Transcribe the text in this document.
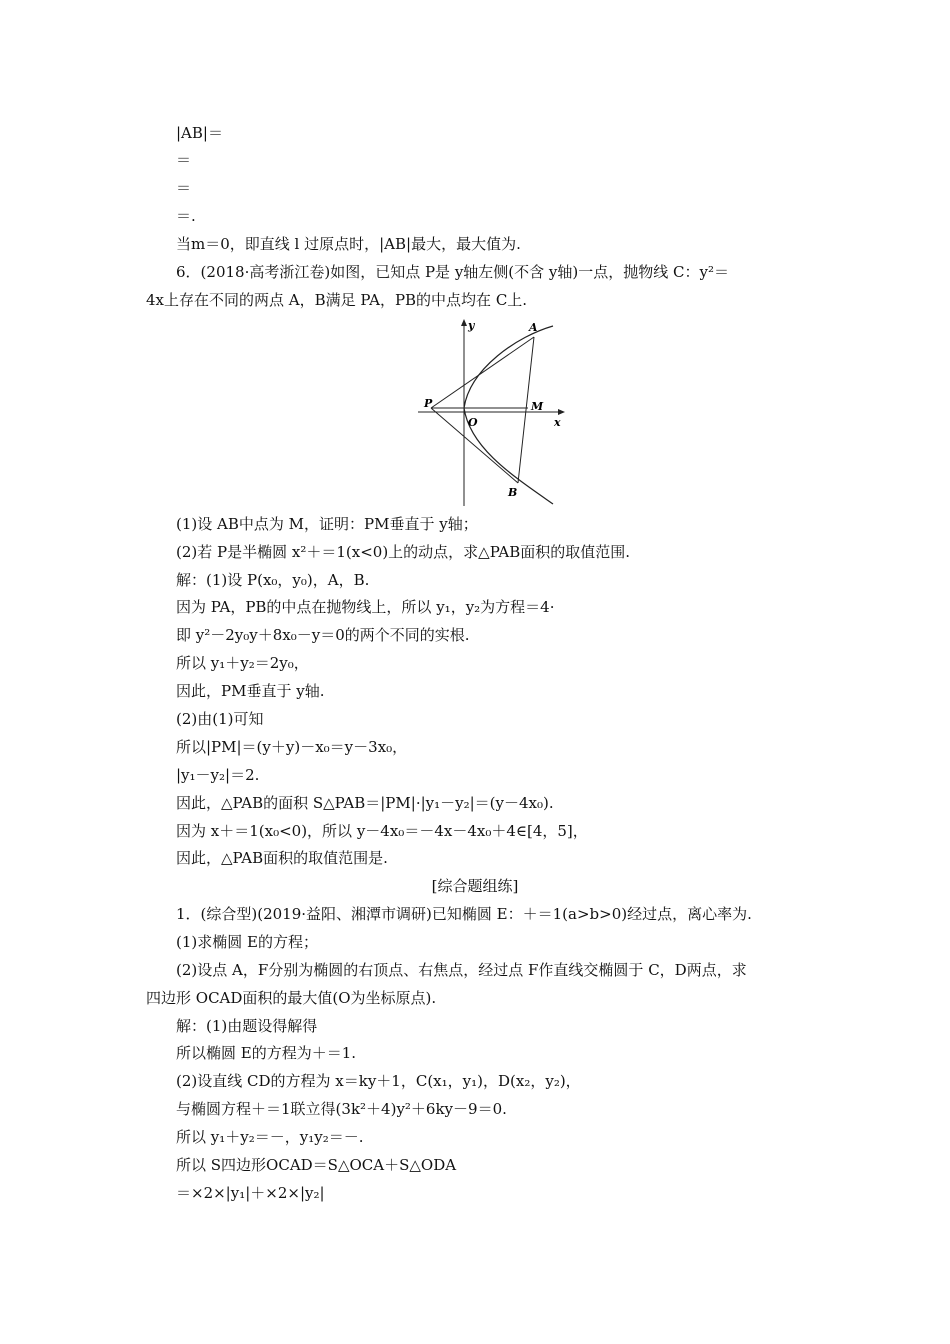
|AB|＝
＝
＝
＝.
当m＝0，即直线 l 过原点时，|AB|最大，最大值为.
6．(2018·高考浙江卷)如图，已知点 P是 y轴左侧(不含 y轴)一点，抛物线 C：y²＝
4x上存在不同的两点 A，B满足 PA，PB的中点均在 C上.
y	A
P	M
O	x
B
(1)设 AB中点为 M，证明：PM垂直于 y轴；
(2)若 P是半椭圆 x²＋＝1(x<0)上的动点，求△PAB面积的取值范围.
解：(1)设 P(x₀，y₀)，A，B.
因为 PA，PB的中点在抛物线上，所以 y₁，y₂为方程＝4·
即 y²－2y₀y＋8x₀－y＝0的两个不同的实根.
所以 y₁＋y₂＝2y₀，
因此，PM垂直于 y轴.
(2)由(1)可知
所以|PM|＝(y＋y)－x₀＝y－3x₀，
|y₁－y₂|＝2.
因此，△PAB的面积 S△PAB＝|PM|·|y₁－y₂|＝(y－4x₀).
因为 x＋＝1(x₀<0)，所以 y－4x₀＝－4x－4x₀＋4∈[4，5]，
因此，△PAB面积的取值范围是.
[综合题组练]
1．(综合型)(2019·益阳、湘潭市调研)已知椭圆 E：＋＝1(a>b>0)经过点，离心率为.
(1)求椭圆 E的方程；
(2)设点 A，F分别为椭圆的右顶点、右焦点，经过点 F作直线交椭圆于 C，D两点，求
四边形 OCAD面积的最大值(O为坐标原点).
解：(1)由题设得解得
所以椭圆 E的方程为＋＝1.
(2)设直线 CD的方程为 x＝ky＋1，C(x₁，y₁)，D(x₂，y₂)，
与椭圆方程＋＝1联立得(3k²＋4)y²＋6ky－9＝0.
所以 y₁＋y₂＝－，y₁y₂＝－.
所以 S四边形OCAD＝S△OCA＋S△ODA
＝×2×|y₁|＋×2×|y₂|
